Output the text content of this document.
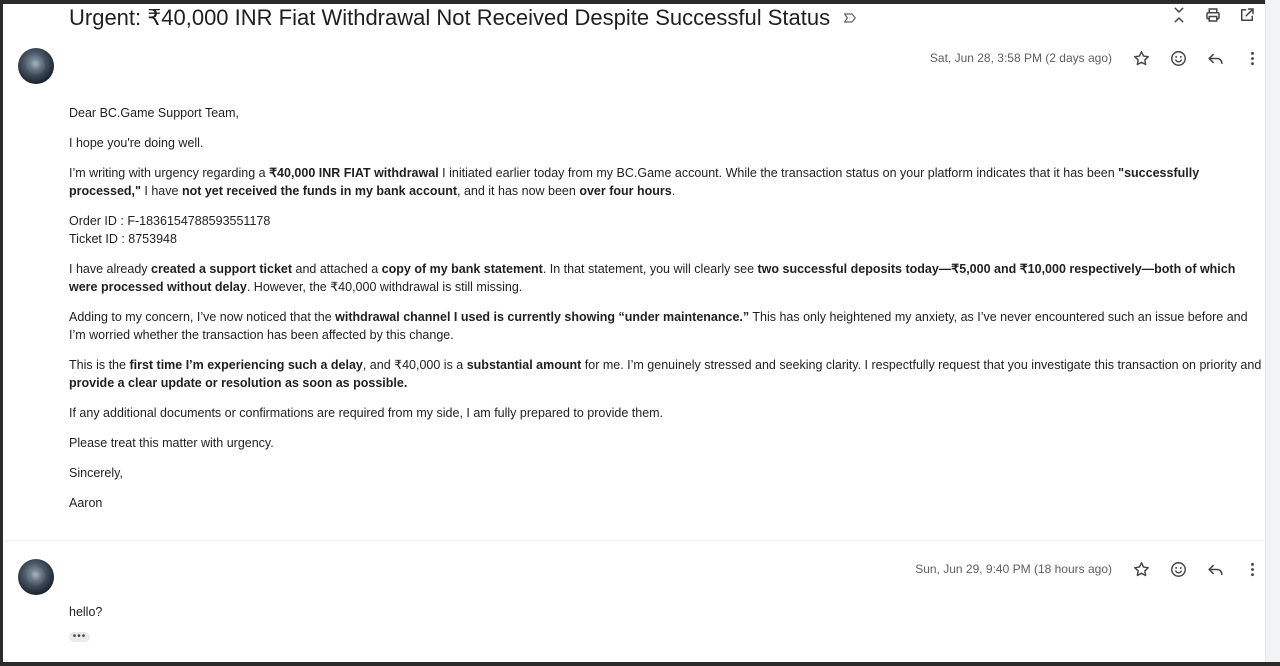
Urgent: ₹40,000 INR Fiat Withdrawal Not Received Despite Successful Status
Sat, Jun 28, 3:58 PM (2 days ago)

Dear BC.Game Support Team,

I hope you're doing well.

I’m writing with urgency regarding a ₹40,000 INR FIAT withdrawal I initiated earlier today from my BC.Game account. While the transaction status on your platform indicates that it has been "successfully processed," I have not yet received the funds in my bank account, and it has now been over four hours.

Order ID : F-1836154788593551178

Ticket ID : 8753948

I have already created a support ticket and attached a copy of my bank statement. In that statement, you will clearly see two successful deposits today—₹5,000 and ₹10,000 respectively—both of which were processed without delay. However, the ₹40,000 withdrawal is still missing.

Adding to my concern, I’ve now noticed that the withdrawal channel I used is currently showing “under maintenance.” This has only heightened my anxiety, as I’ve never encountered such an issue before and I’m worried whether the transaction has been affected by this change.

This is the first time I’m experiencing such a delay, and ₹40,000 is a substantial amount for me. I’m genuinely stressed and seeking clarity. I respectfully request that you investigate this transaction on priority and provide a clear update or resolution as soon as possible.

If any additional documents or confirmations are required from my side, I am fully prepared to provide them.

Please treat this matter with urgency.

Sincerely,

Aaron

Sun, Jun 29, 9:40 PM (18 hours ago)

hello?

•••
